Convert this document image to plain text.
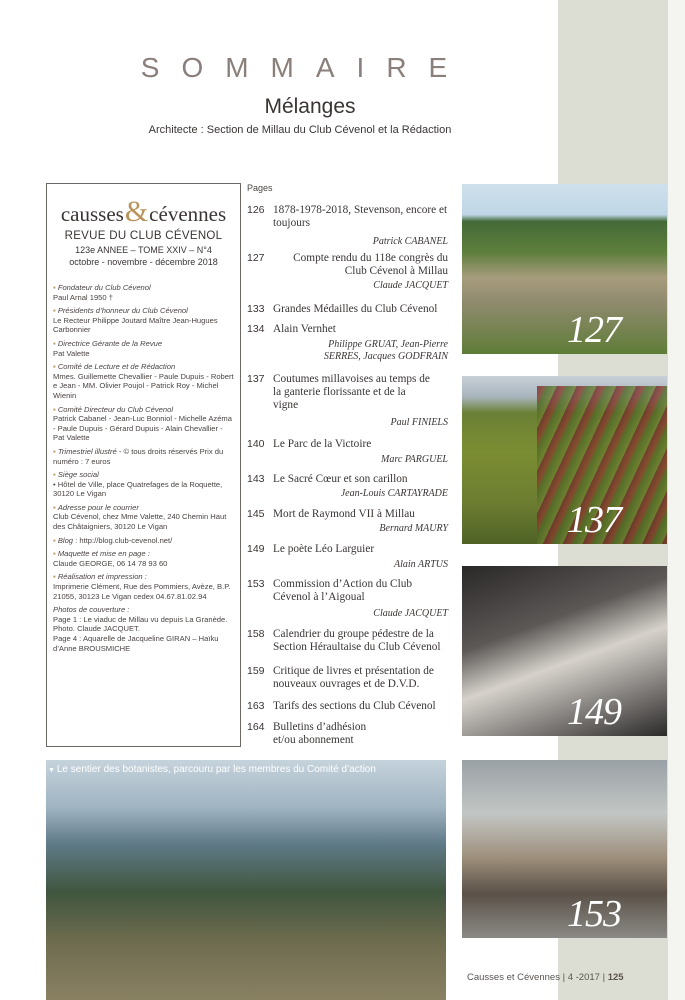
SOMMAIRE
Mélanges
Architecte : Section de Millau du Club Cévenol et la Rédaction
causses & cévennes
REVUE DU CLUB CÉVENOL
123e ANNEE – TOME XXIV – N°4
octobre - novembre - décembre 2018
▪ Fondateur du Club Cévenol
Paul Arnal 1950 †
▪ Présidents d’honneur du Club Cévenol
Le Recteur Philippe Joutard Maître Jean-Hugues Carbonnier
▪ Directrice Gérante de la Revue
Pat Valette
▪ Comité de Lecture et de Rédaction
Mmes. Guillemette Chevallier - Paule Dupuis - Robert e Jean - MM. Olivier Poujol - Patrick Roy - Michel Wienin
▪ Comité Directeur du Club Cévenol
Patrick Cabanel - Jean-Luc Bonniol - Michelle Azéma - Paule Dupuis - Gérard Dupuis - Alain Chevallier - Pat Valette
▪ Trimestriel illustré - © tous droits réservés Prix du numéro : 7 euros
▪ Siège social
• Hôtel de Ville, place Quatrefages de la Roquette, 30120 Le Vigan
▪ Adresse pour le courrier
Club Cévenol, chez Mme Valette, 240 Chemin Haut des Châtaigniers, 30120 Le Vigan
▪ Blog : http://blog.club-cevenol.net/
▪ Maquette et mise en page :
Claude GEORGE, 06 14 78 93 60
▪ Réalisation et impression :
Imprimerie Clément, Rue des Pommiers, Avèze, B.P. 21055, 30123 Le Vigan cedex 04.67.81.02.94
Photos de couverture :
Page 1 : Le viaduc de Millau vu depuis La Granède. Photo. Claude JACQUET.
Page 4 : Aquarelle de Jacqueline GIRAN – Haïku d’Anne BROUSMICHE
Pages
126 1878-1978-2018, Stevenson, encore et toujours
Patrick CABANEL
127	Compte rendu du 118e congrès du Club Cévenol à Millau
Claude JACQUET
133 Grandes Médailles du Club Cévenol
134 Alain Vernhet
Philippe GRUAT, Jean-Pierre SERRES, Jacques GODFRAIN
137 Coutumes millavoises au temps de la ganterie florissante et de la vigne
Paul FINIELS
140 Le Parc de la Victoire
Marc PARGUEL
143 Le Sacré Cœur et son carillon
Jean-Louis CARTAYRADE
145 Mort de Raymond VII à Millau
Bernard MAURY
149 Le poète Léo Larguier
Alain ARTUS
153 Commission d’Action du Club Cévenol à l’Aigoual
Claude JACQUET
158 Calendrier du groupe pédestre de la Section Héraultaise du Club Cévenol
159 Critique de livres et présentation de nouveaux ouvrages et de D.V.D.
163 Tarifs des sections du Club Cévenol
164 Bulletins d’adhésion et/ou abonnement
127
137
149
153
▼ Le sentier des botanistes, parcouru par les membres du Comité d’action
Causses et Cévennes | 4 -2017 | 125
